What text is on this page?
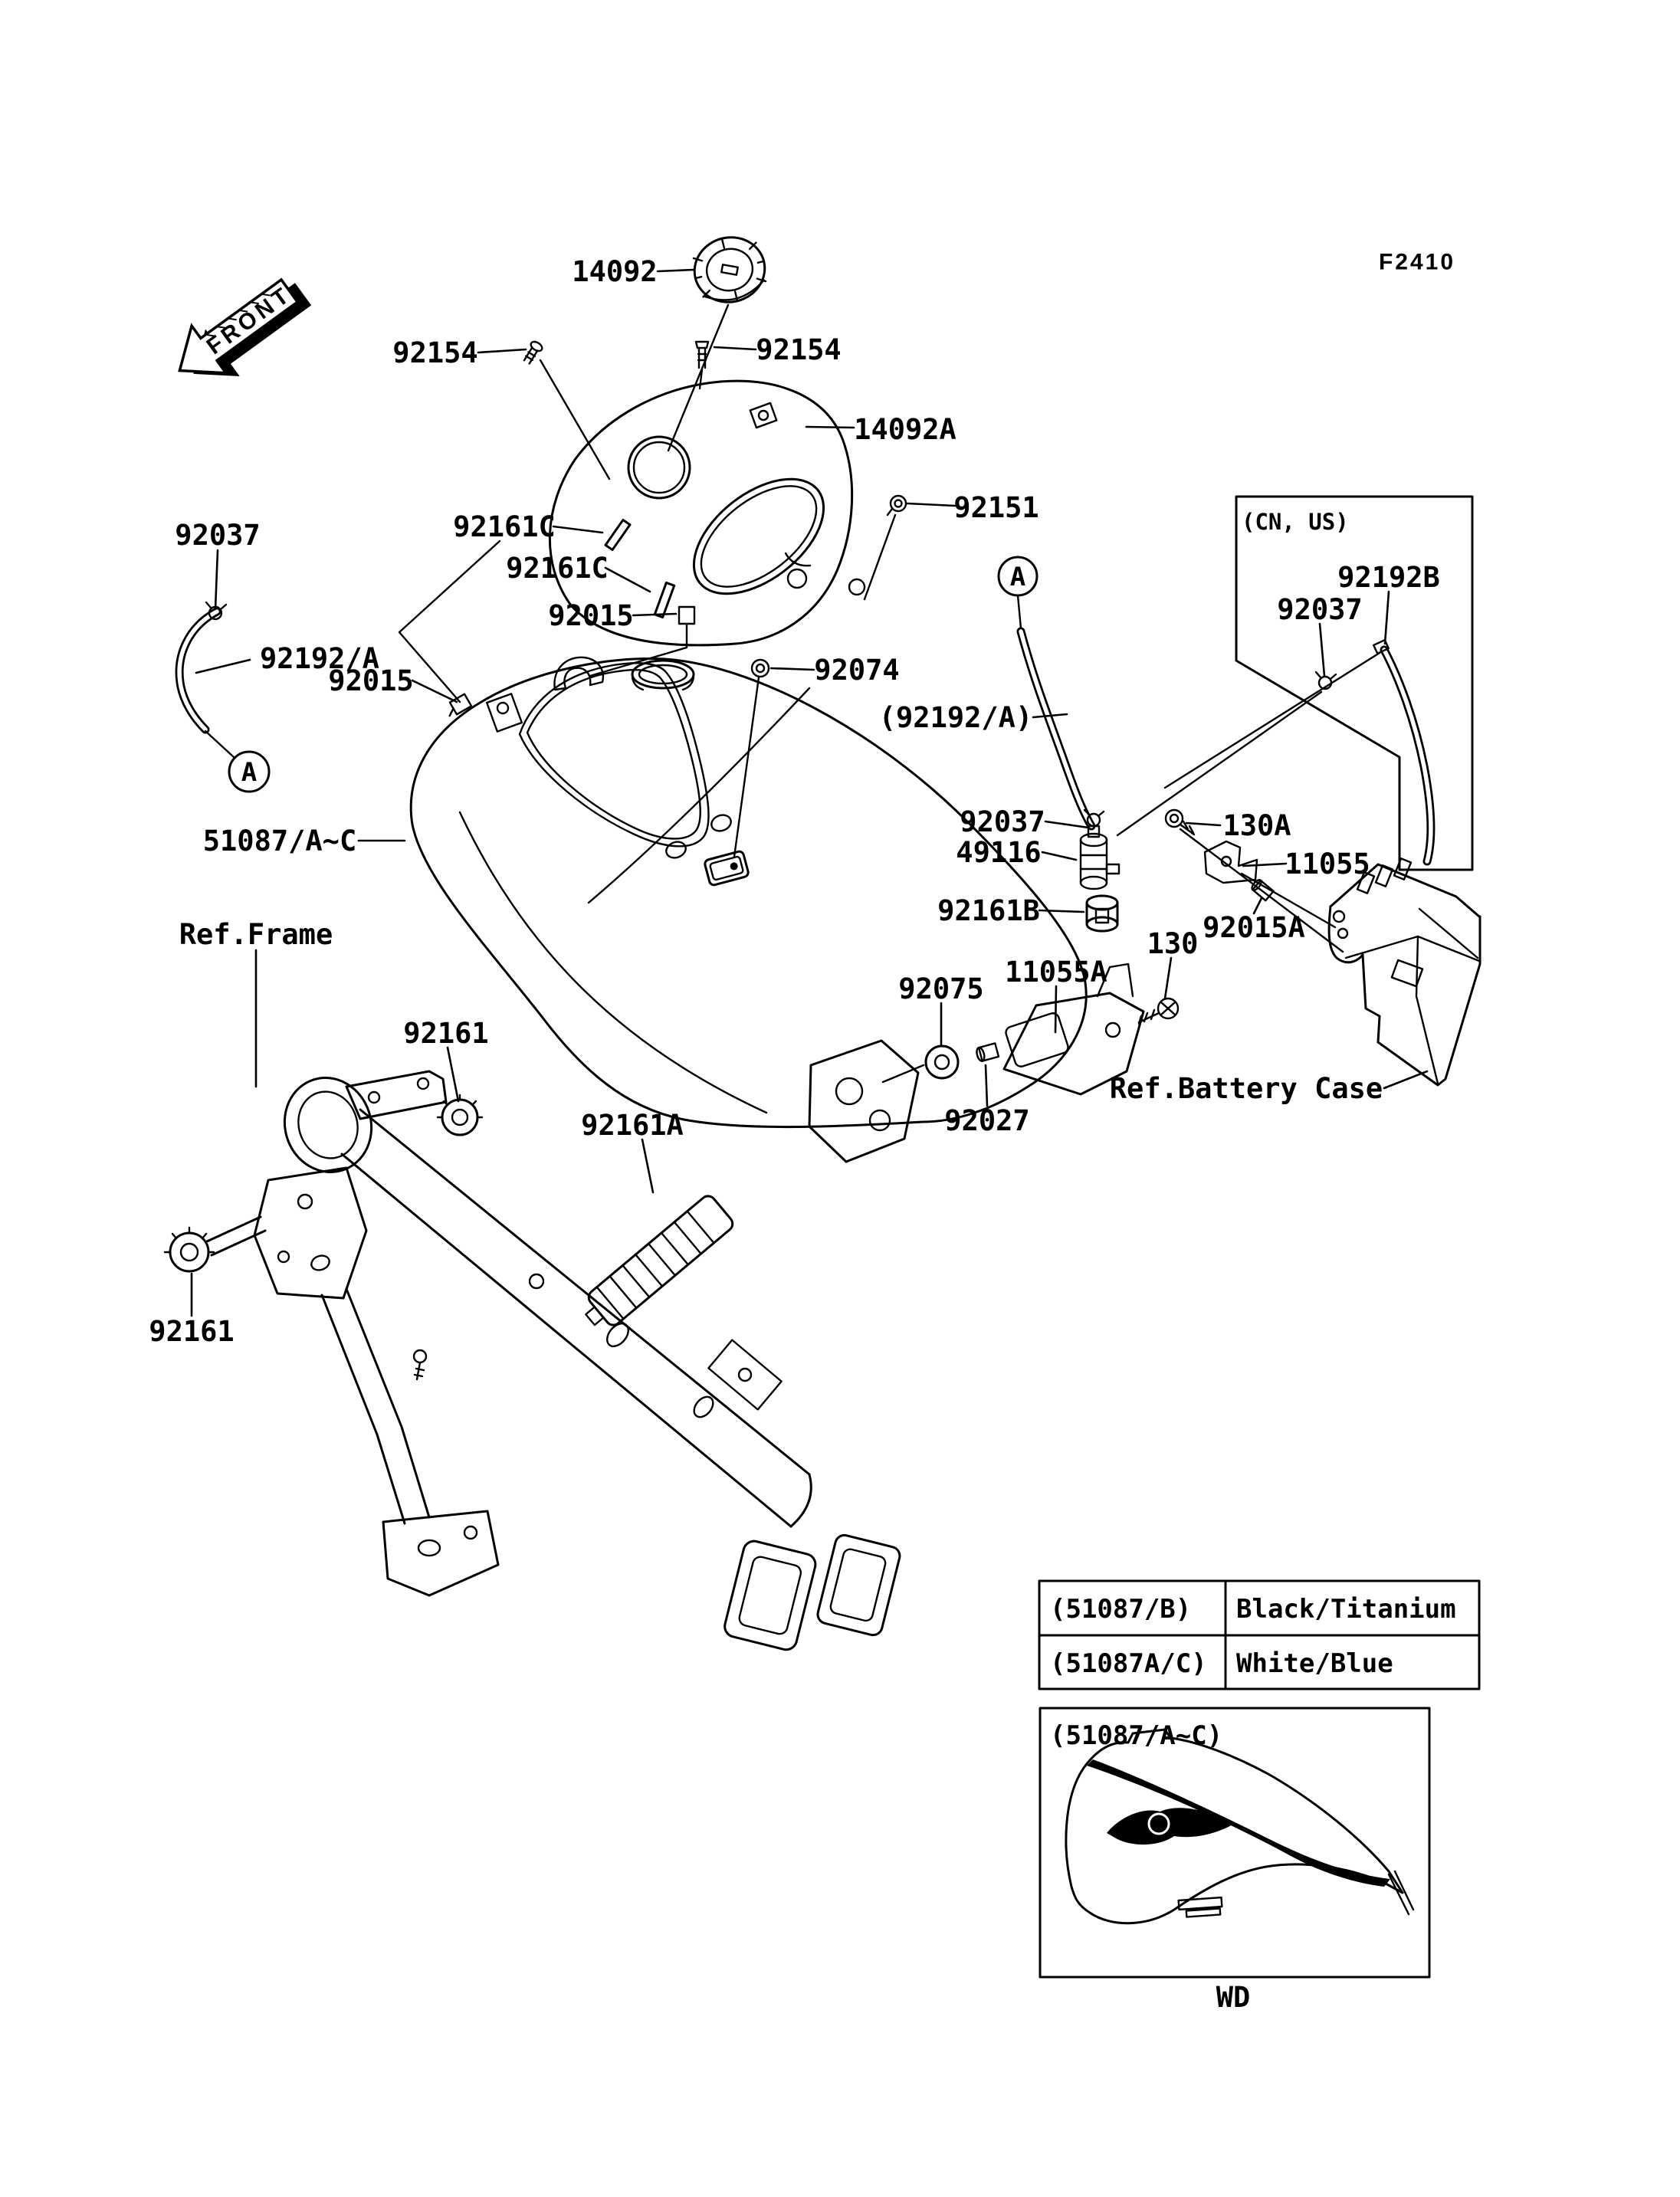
FRONT
(51087/B) Black/Titanium
(51087A/C) White/Blue
(51087/A~C)
14092
92154	92154
14092A
92151
F2410
92037	92161C
92161C
92015
92074
92192/A
92015
(CN, US)
92192B
92037
(92192/A)
51087/A~C
92037
49116
130A
11055
92161B
92015A
130
11055A
92075
92027
Ref.Battery Case
Ref.Frame
92161
92161A
92161
WD
A
A
